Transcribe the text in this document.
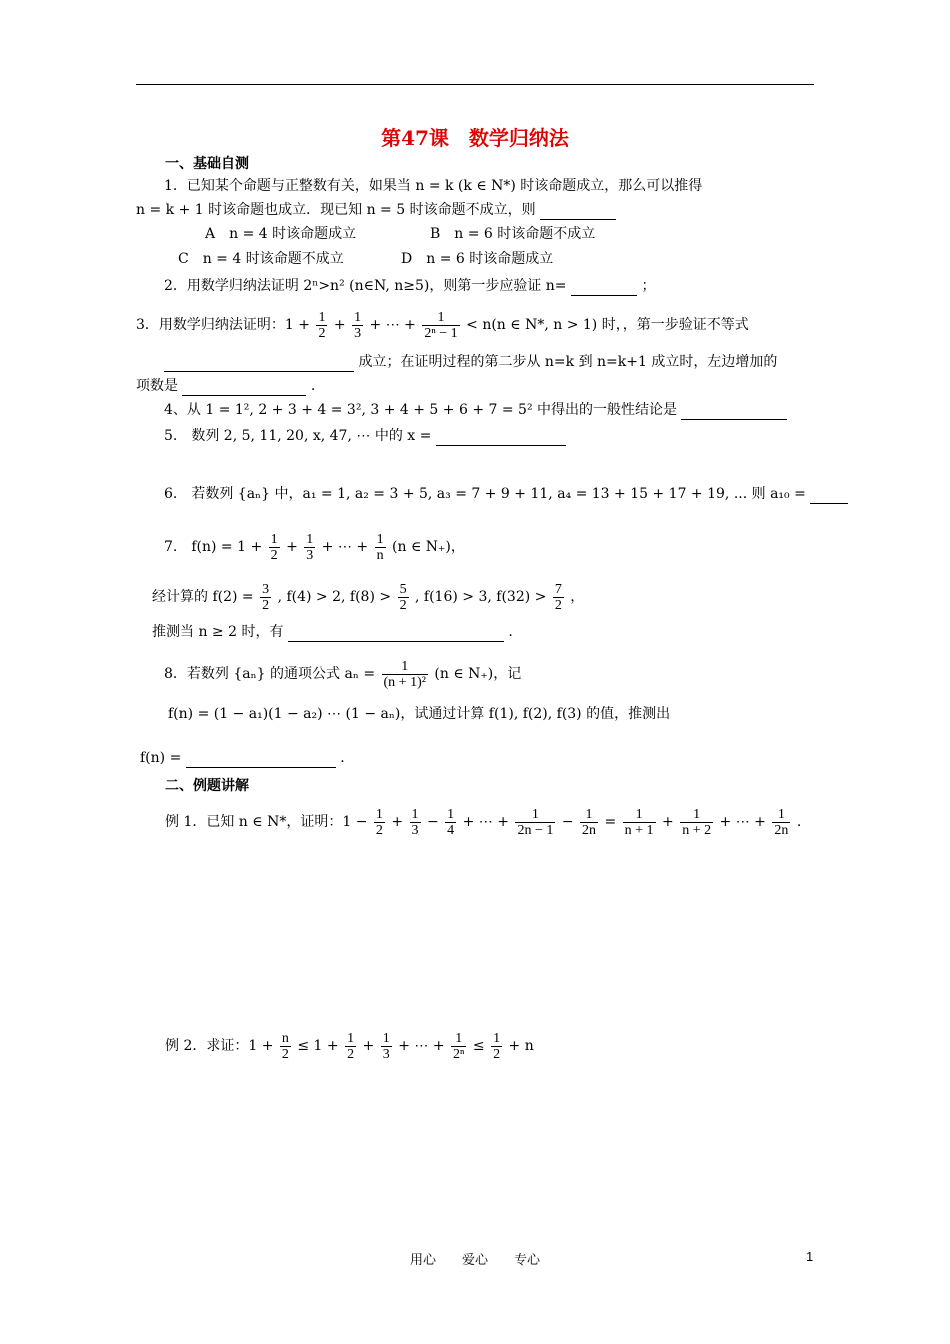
第47课　数学归纳法
一、基础自测
1．已知某个命题与正整数有关，如果当 n = k (k ∈ N*) 时该命题成立，那么可以推得
n = k + 1 时该命题也成立．现已知 n = 5 时该命题不成立，则
A　n = 4 时该命题成立	B　n = 6 时该命题不成立
C　n = 4 时该命题不成立	D　n = 6 时该命题成立
2．用数学归纳法证明 2ⁿ>n² (n∈N, n≥5)，则第一步应验证 n=	；
3．用数学归纳法证明：$1 + \frac{1}{2} + \frac{1}{3}$ + ⋯ + $\frac{1}{\text{2ⁿ − 1}} < n(n$ ∈ N*, n > 1) 时，，第一步验证不等式
成立；在证明过程的第二步从 n=k 到 n=k+1 成立时，左边增加的
项数是	.
4、从 1 = 1², 2 + 3 + 4 = 3², 3 + 4 + 5 + 6 + 7 = 5² 中得出的一般性结论是
5.　数列 2, 5, 11, 20, x, 47, ⋯ 中的 x =
6.　若数列 {aₙ} 中，a₁ = 1, a₂ = 3 + 5, a₃ = 7 + 9 + 11, a₄ = 13 + 15 + 17 + 19, ... 则 a₁₀ =
7.　$f(n) = 1 + \frac{1}{2} + \frac{1}{3}$ + ⋯ + $\frac{1}{n} (n$ ∈ N₊)，
经计算的 $f(2) = \frac{3}{2}$ , f(4) > 2, $f(8) > \frac{5}{2}$ , f(16) > 3, $f(32) > \frac{7}{2}$ ，
推测当 n ≥ 2 时，有	.
8．若数列 {aₙ} 的通项公式 $a_n = \frac{1}{\text{(n + 1)²}} (n$ ∈ N₊)，记
f(n) = (1 − a₁)(1 − a₂) ⋯ (1 − aₙ)，试通过计算 f(1), f(2), f(3) 的值，推测出
f(n) =	.
二、例题讲解
例 1．已知 n ∈ N*，证明：$1 - \frac{1}{2} + \frac{1}{3} - \frac{1}{4}$ + ⋯ + $\frac{1}{2n - 1} - \frac{1}{2n} = \frac{1}{n + 1} + \frac{1}{n + 2}$ + ⋯ + $\frac{1}{2n}$ .
例 2．求证：$1 + \frac{n}{2} \le 1 + \frac{1}{2} + \frac{1}{3}$ + ⋯ + $\frac{1}{\text{2ⁿ}} \le \frac{1}{2} + n$
用心　　爱心　　专心	1
